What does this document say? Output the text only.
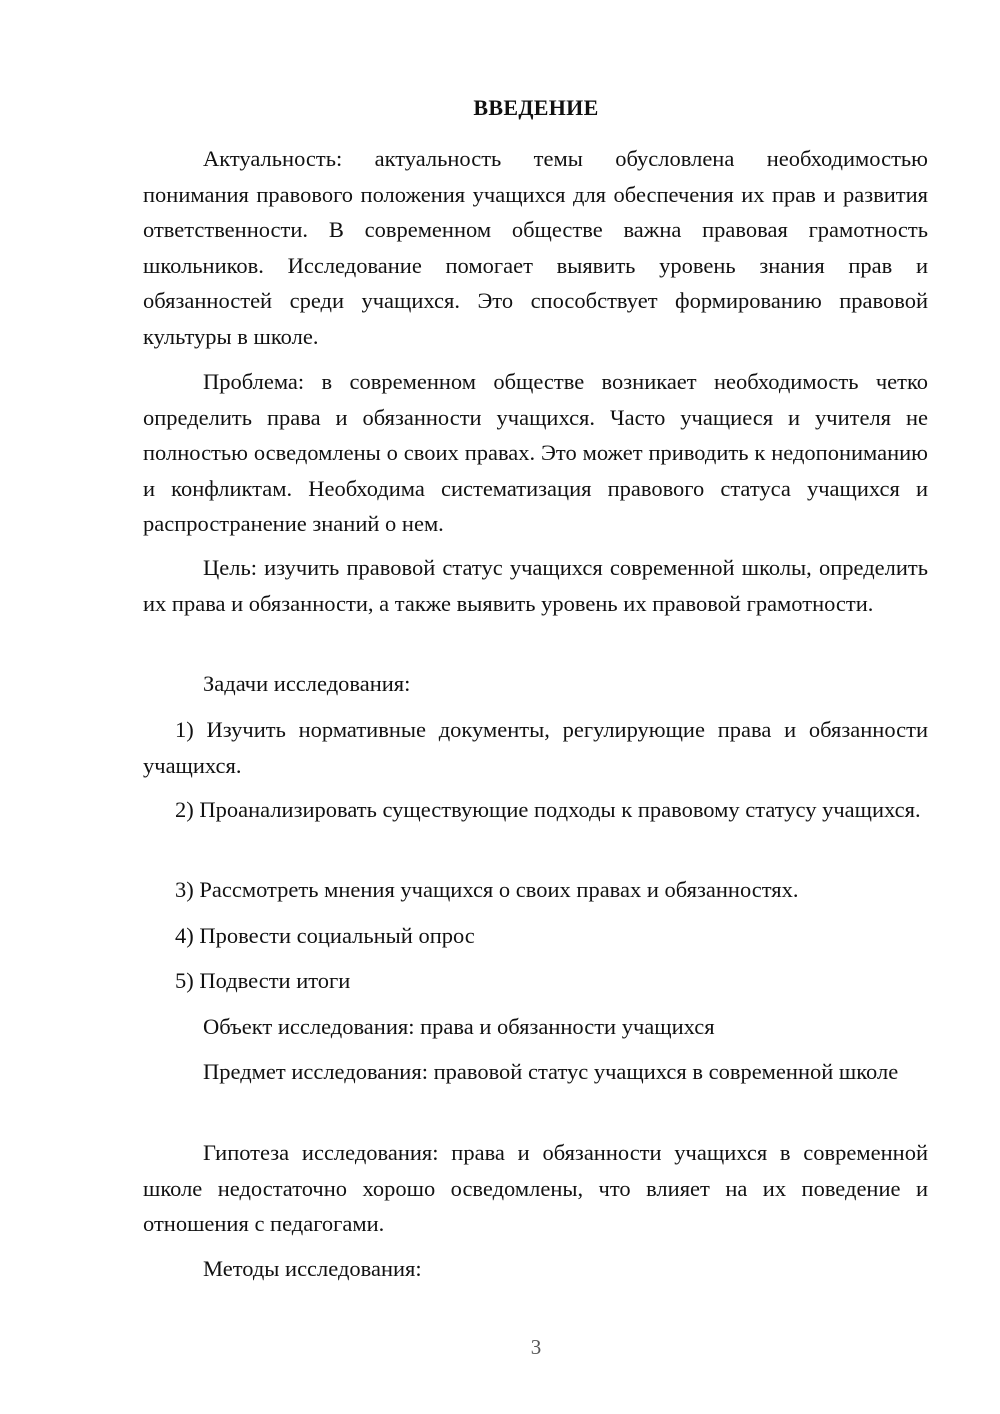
ВВЕДЕНИЕ

Актуальность: актуальность темы обусловлена необходимостью понимания правового положения учащихся для обеспечения их прав и развития ответственности. В современном обществе важна правовая грамотность школьников. Исследование помогает выявить уровень знания прав и обязанностей среди учащихся. Это способствует формированию правовой культуры в школе.

Проблема: в современном обществе возникает необходимость четко определить права и обязанности учащихся. Часто учащиеся и учителя не полностью осведомлены о своих правах. Это может приводить к недопониманию и конфликтам. Необходима систематизация правового статуса учащихся и распространение знаний о нем.

Цель: изучить правовой статус учащихся современной школы, определить их права и обязанности, а также выявить уровень их правовой грамотности.

Задачи исследования:

1) Изучить нормативные документы, регулирующие права и обязанности учащихся.

2) Проанализировать существующие подходы к правовому статусу учащихся.

3) Рассмотреть мнения учащихся о своих правах и обязанностях.

4) Провести социальный опрос

5) Подвести итоги

Объект исследования: права и обязанности учащихся

Предмет исследования: правовой статус учащихся в современной школе

Гипотеза исследования: права и обязанности учащихся в современной школе недостаточно хорошо осведомлены, что влияет на их поведение и отношения с педагогами.

Методы исследования:

3
